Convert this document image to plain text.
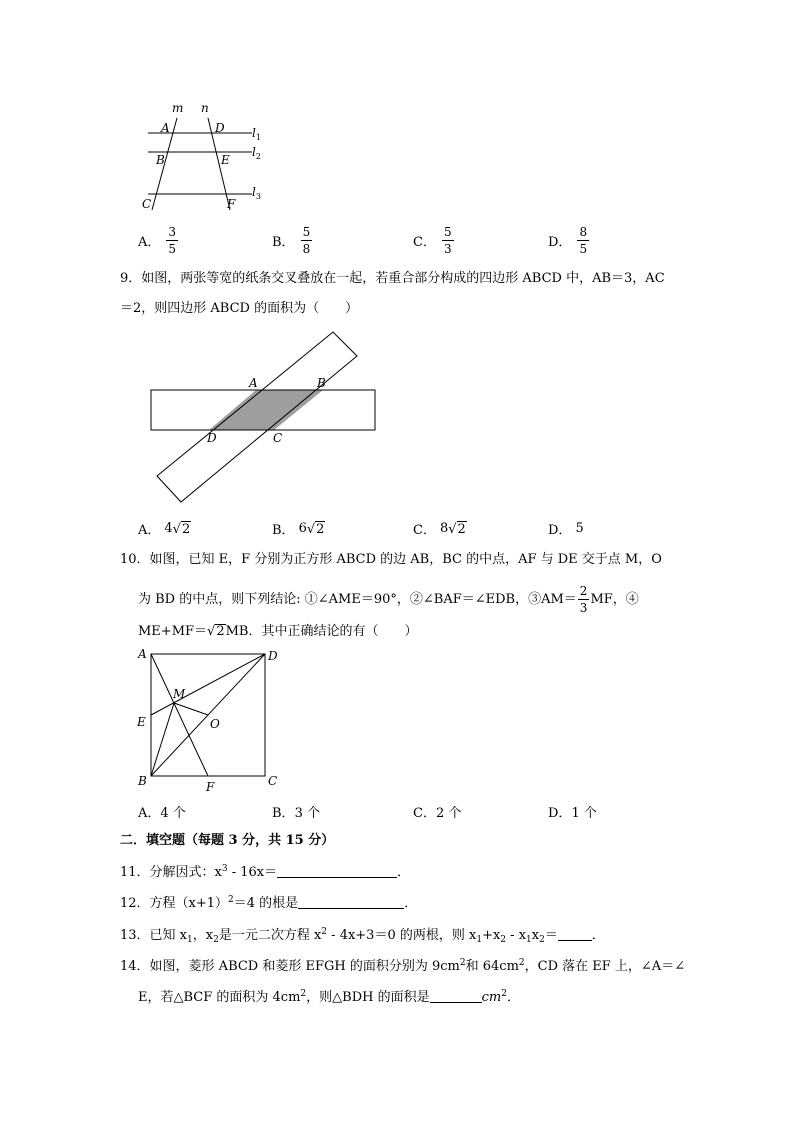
m n
A	D
B	E
C	F
$l_1$
$l_2$
$l_3$
A． $\frac{3}{5}$	B． $\frac{5}{8}$	C． $\frac{5}{3}$	D． $\frac{8}{5}$
9．如图，两张等宽的纸条交叉叠放在一起，若重合部分构成的四边形 ABCD 中，AB＝3，AC
＝2，则四边形 ABCD 的面积为（　　）
A	B
D	C
A． 4 √ 2	B． 6 √ 2	C． 8 √ 2	D． 5
10．如图，已知 E，F 分别为正方形 ABCD 的边 AB，BC 的中点，AF 与 DE 交于点 M，O
为 BD 的中点，则下列结论: ①∠AME＝90°，②∠BAF＝∠EDB，③AM＝ $\frac{2}{3}$ MF，④
ME+MF＝√ 2 MB．其中正确结论的有（　　）
A	D
M
E	O
B	F	C
A． 4 个	B． 3 个	C． 2 个	D． 1 个
二．填空题（每题 3 分，共 15 分）
11．分解因式：$x^3 - 16x=$	．
12．方程$(x+1)^2=4$ 的根是	．
13．已知 $x_1$，$x_2$是一元二次方程 $x^2 - 4x+3=0$ 的两根，则 $x_1+x_2 - x_1x_2=$	．
14．如图，菱形 ABCD 和菱形 EFGH 的面积分别为 $9cm^2$和 $64cm^2$，CD 落在 EF 上，∠A＝∠
E，若△BCF 的面积为 $4cm^2$，则△BDH 的面积是	$cm^2$．
